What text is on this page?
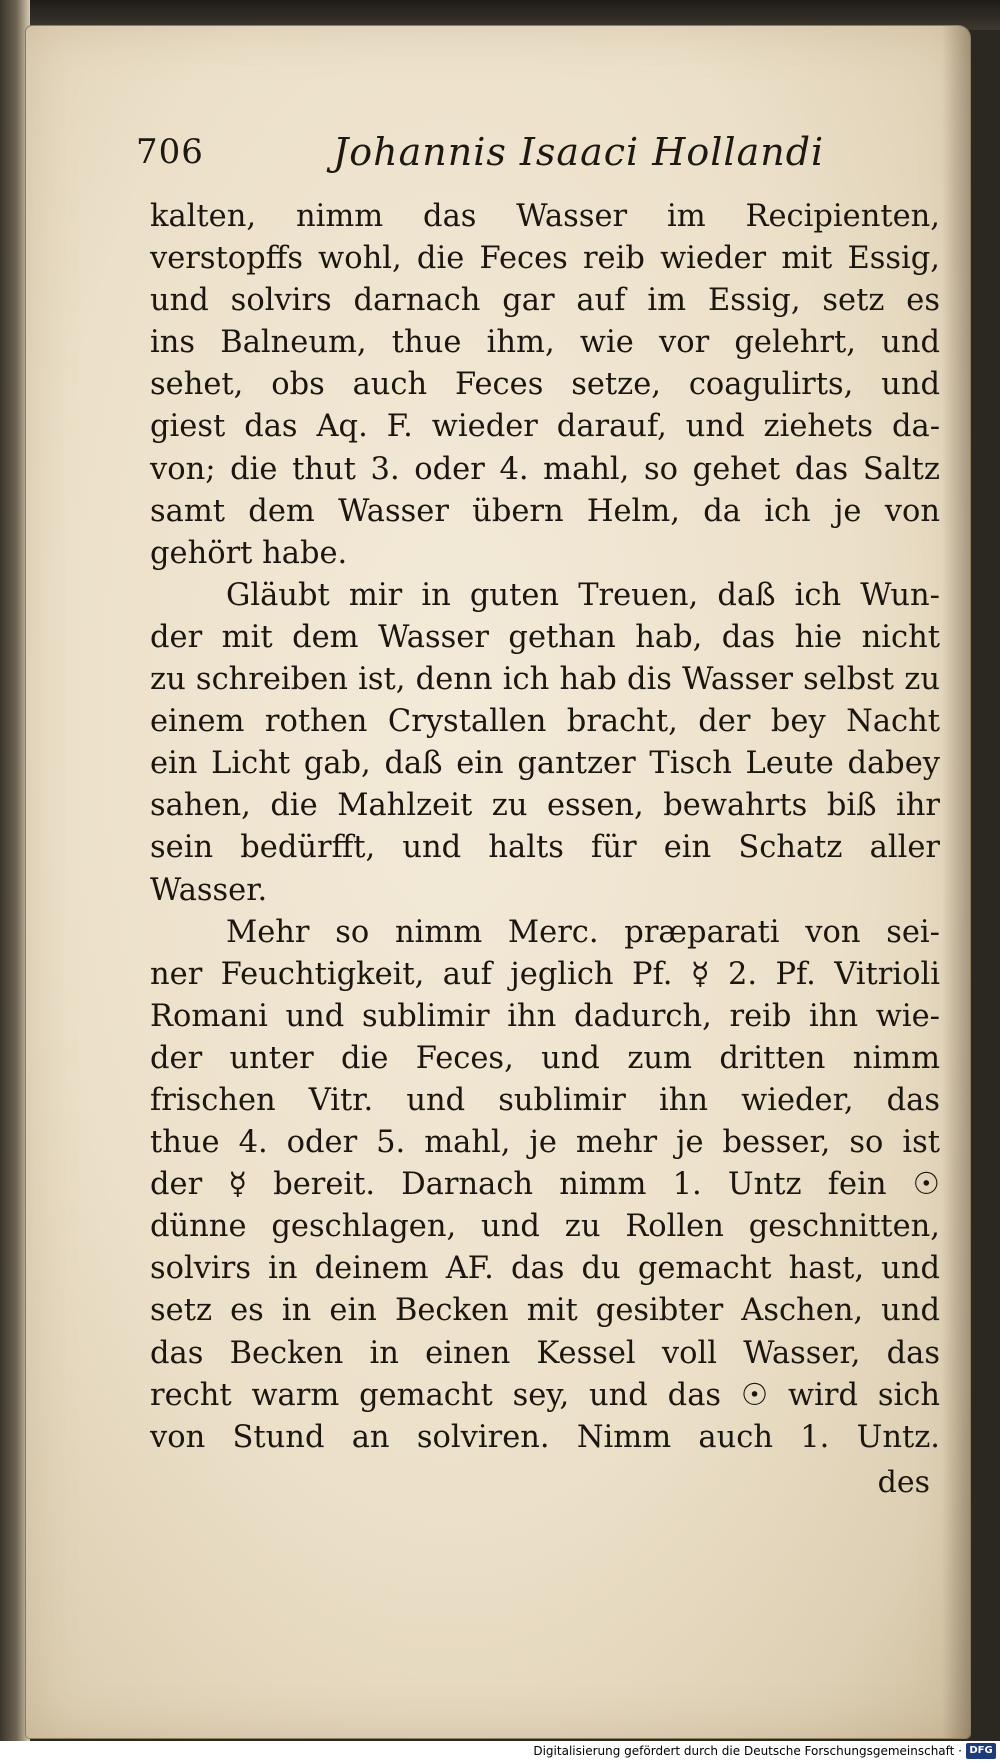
706	Johannis Isaaci Hollandi
kalten, nimm das Wasser im Recipienten,
verstopffs wohl, die Feces reib wieder mit Essig,
und solvirs darnach gar auf im Essig, setz es
ins Balneum, thue ihm, wie vor gelehrt, und
sehet, obs auch Feces setze, coagulirts, und
giest das Aq. F. wieder darauf, und ziehets da-
von; die thut 3. oder 4. mahl, so gehet das Saltz
samt dem Wasser übern Helm, da ich je von
gehört habe.
Gläubt mir in guten Treuen, daß ich Wun-
der mit dem Wasser gethan hab, das hie nicht
zu schreiben ist, denn ich hab dis Wasser selbst zu
einem rothen Crystallen bracht, der bey Nacht
ein Licht gab, daß ein gantzer Tisch Leute dabey
sahen, die Mahlzeit zu essen, bewahrts biß ihr
sein bedürfft, und halts für ein Schatz aller
Wasser.
Mehr so nimm Merc. præparati von sei-
ner Feuchtigkeit, auf jeglich Pf. ☿ 2. Pf. Vitrioli
Romani und sublimir ihn dadurch, reib ihn wie-
der unter die Feces, und zum dritten nimm
frischen Vitr. und sublimir ihn wieder, das
thue 4. oder 5. mahl, je mehr je besser, so ist
der ☿ bereit. Darnach nimm 1. Untz fein ☉
dünne geschlagen, und zu Rollen geschnitten,
solvirs in deinem AF. das du gemacht hast, und
setz es in ein Becken mit gesibter Aschen, und
das Becken in einen Kessel voll Wasser, das
recht warm gemacht sey, und das ☉ wird sich
von Stund an solviren. Nimm auch 1. Untz.
des
Digitalisierung gefördert durch die Deutsche Forschungsgemeinschaft · DFG
